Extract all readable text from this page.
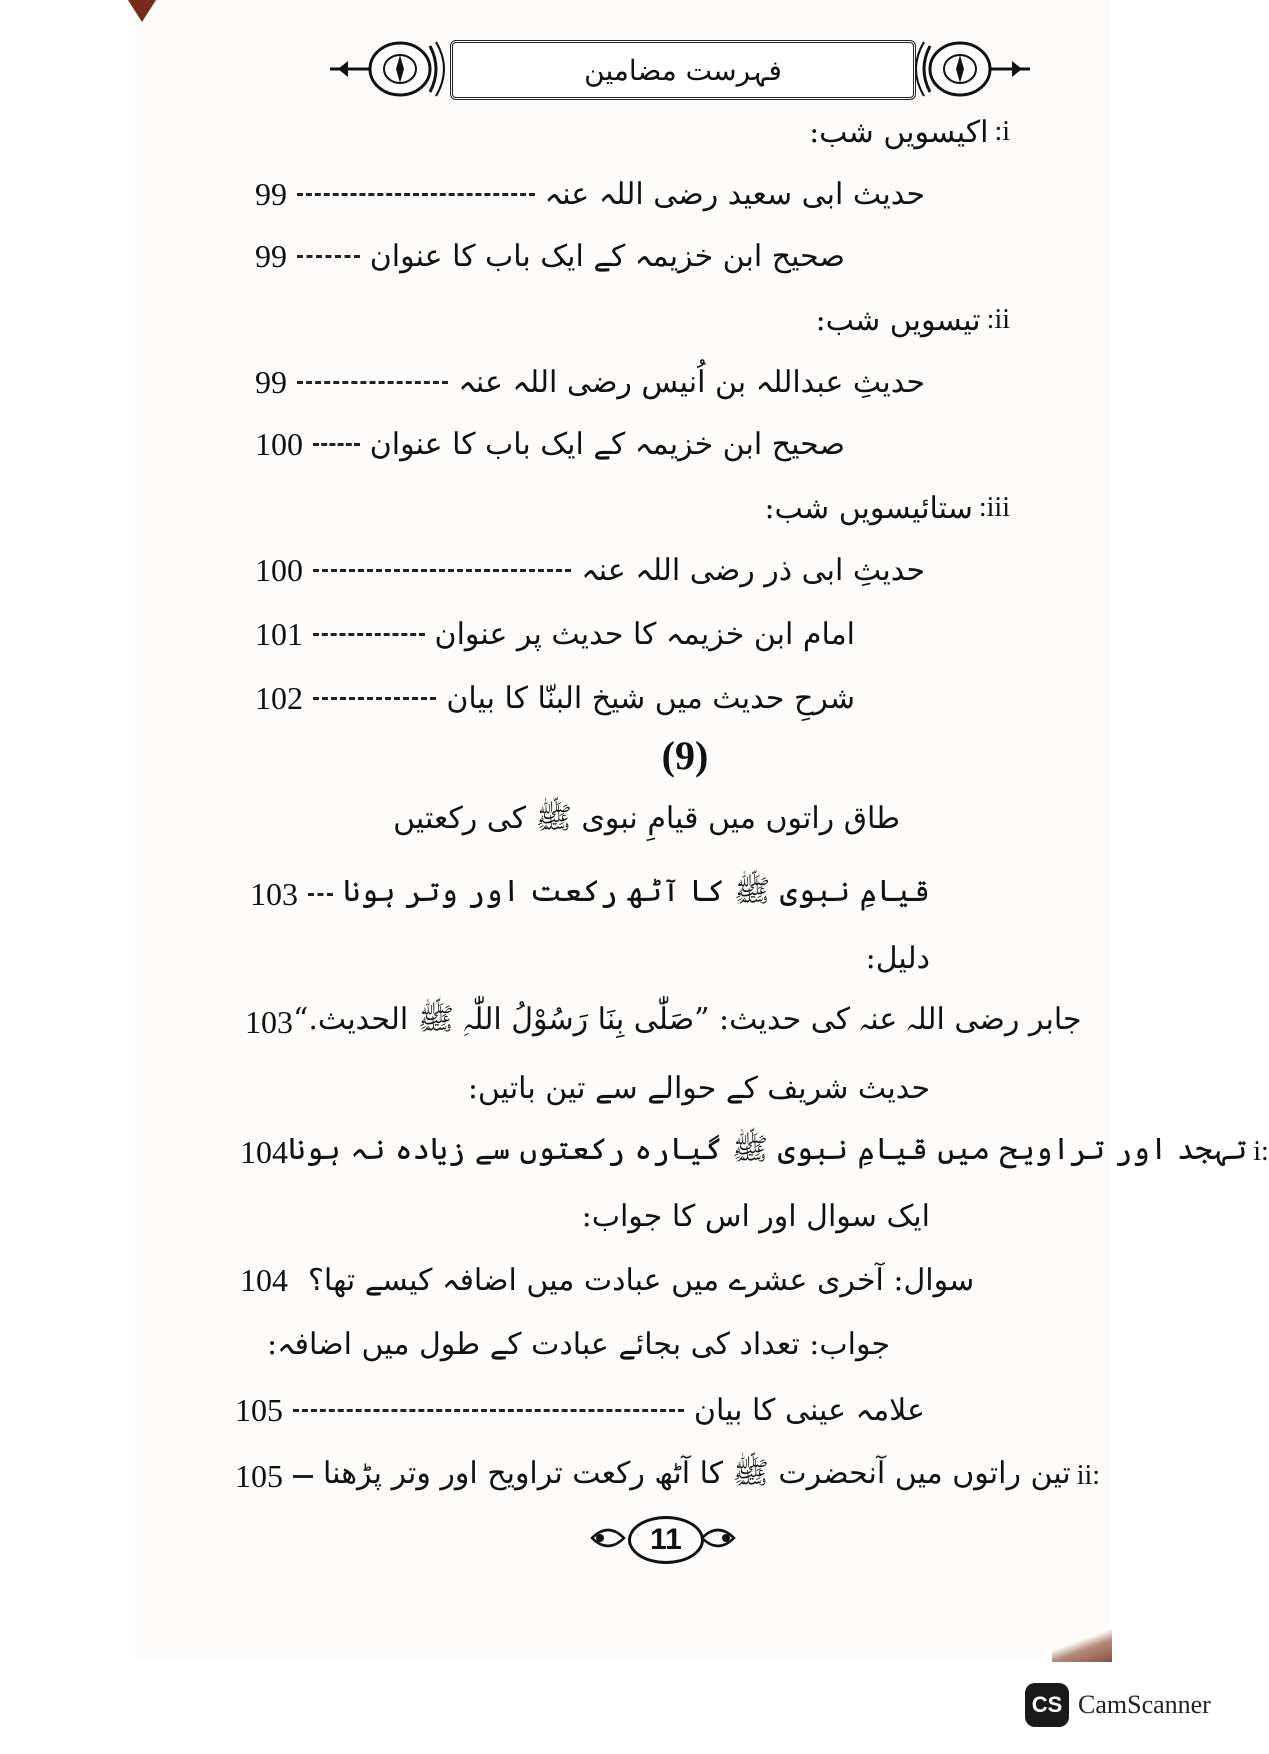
فہرست مضامین
i:
اکیسویں شب:
99	حدیث ابی سعید رضی اللہ عنہ
99	صحیح ابن خزیمہ کے ایک باب کا عنوان
ii:
تیسویں شب:
99	حدیثِ عبداللہ بن اُنیس رضی اللہ عنہ
100 صحیح ابن خزیمہ کے ایک باب کا عنوان
iii:
ستائیسویں شب:
100	حدیثِ ابی ذر رضی اللہ عنہ
101	امام ابن خزیمہ کا حدیث پر عنوان
102	شرحِ حدیث میں شیخ البنّا کا بیان
(9)
طاق راتوں میں قیامِ نبوی ﷺ کی رکعتیں
103 قیامِ نبوی ﷺ کا آٹھ رکعت اور وتر ہونا
دلیل:
103 جابر رضی اللہ عنہ کی حدیث: ”صَلّٰی بِنَا رَسُوْلُ اللّٰہِ ﷺ الحدیث.“
حدیث شریف کے حوالے سے تین باتیں:
104 تہجد اور تراویح میں قیامِ نبوی ﷺ گیارہ رکعتوں سے زیادہ نہ ہونا i:
ایک سوال اور اس کا جواب:
104 سوال: آخری عشرے میں عبادت میں اضافہ کیسے تھا؟
جواب: تعداد کی بجائے عبادت کے طول میں اضافہ:
105	علامہ عینی کا بیان
105 تین راتوں میں آنحضرت ﷺ کا آٹھ رکعت تراویح اور وتر پڑھنا ii:
11
CS CamScanner
